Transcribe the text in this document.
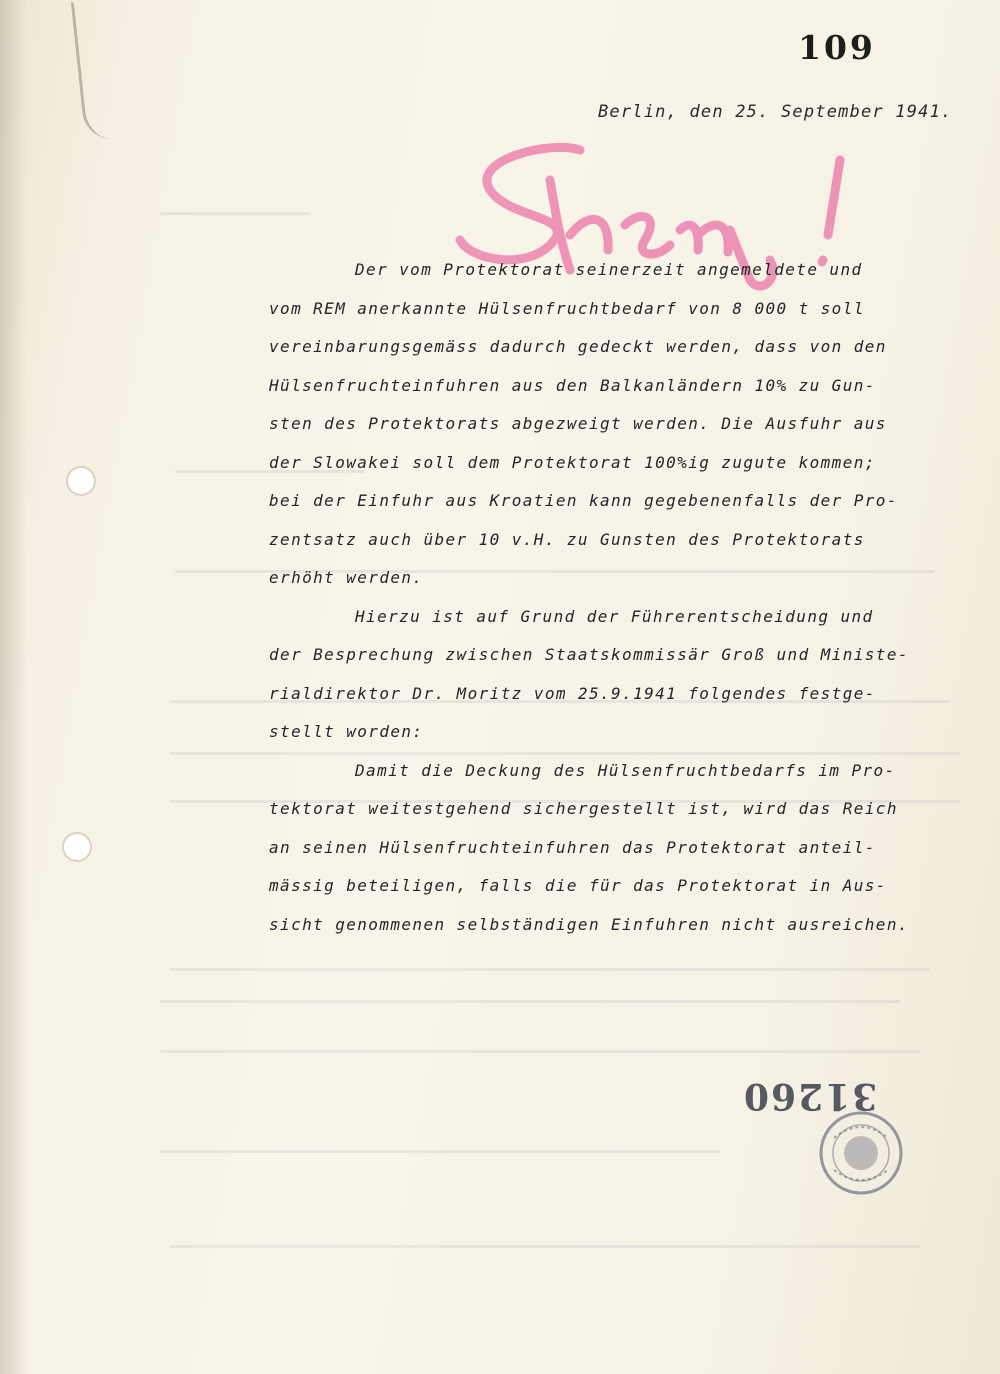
109
Berlin, den 25. September 1941.
Der vom Protektorat seinerzeit angemeldete und
vom REM anerkannte Hülsenfruchtbedarf von 8 000 t soll
vereinbarungsgemäss dadurch gedeckt werden, dass von den
Hülsenfruchteinfuhren aus den Balkanländern 10% zu Gun-
sten des Protektorats abgezweigt werden. Die Ausfuhr aus
der Slowakei soll dem Protektorat 100%ig zugute kommen;
bei der Einfuhr aus Kroatien kann gegebenenfalls der Pro-
zentsatz auch über 10 v.H. zu Gunsten des Protektorats
erhöht werden.
Hierzu ist auf Grund der Führerentscheidung und
der Besprechung zwischen Staatskommissär Groß und Ministe-
rialdirektor Dr. Moritz vom 25.9.1941 folgendes festge-
stellt worden:
Damit die Deckung des Hülsenfruchtbedarfs im Pro-
tektorat weitestgehend sichergestellt ist, wird das Reich
an seinen Hülsenfruchteinfuhren das Protektorat anteil-
mässig beteiligen, falls die für das Protektorat in Aus-
sicht genommenen selbständigen Einfuhren nicht ausreichen.
31260
